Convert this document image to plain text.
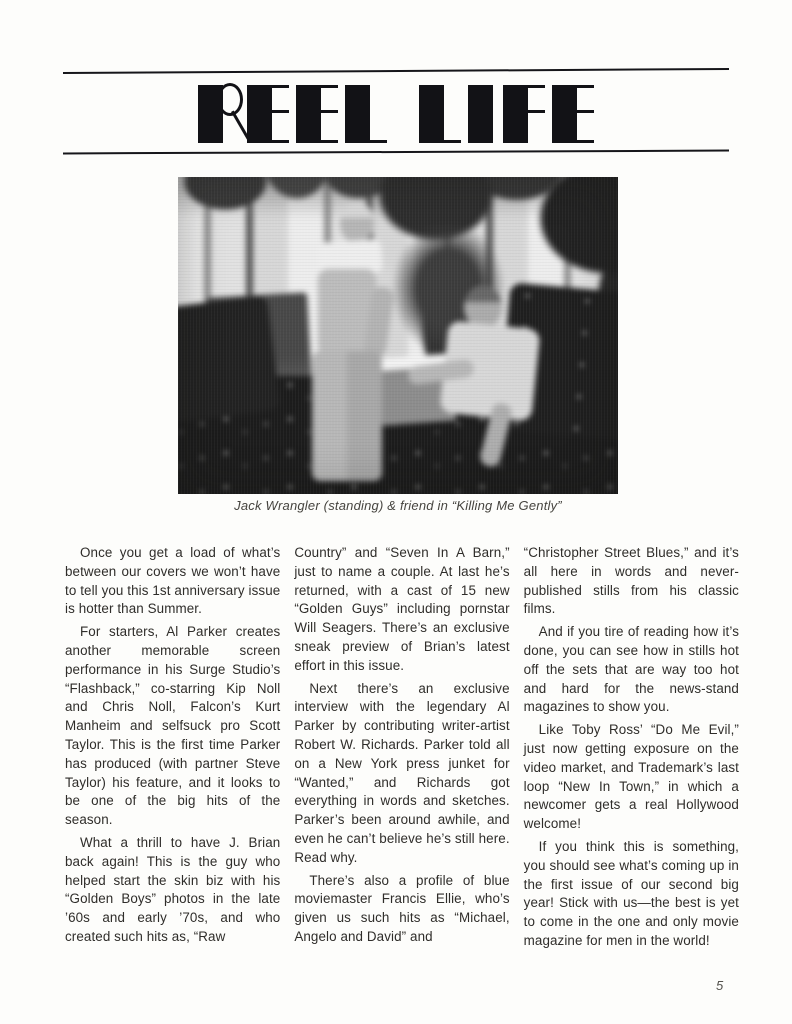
Jack Wrangler (standing) & friend in “Killing Me Gently”

Once you get a load of what’s between our covers we won’t have to tell you this 1st anniversary issue is hotter than Summer.

For starters, Al Parker creates another memorable screen performance in his Surge Studio’s “Flashback,” co-starring Kip Noll and Chris Noll, Falcon’s Kurt Manheim and selfsuck pro Scott Taylor. This is the first time Parker has produced (with partner Steve Taylor) his feature, and it looks to be one of the big hits of the season.

What a thrill to have J. Brian back again! This is the guy who helped start the skin biz with his “Golden Boys” photos in the late ’60s and early ’70s, and who created such hits as, “Raw

Country” and “Seven In A Barn,” just to name a couple. At last he’s returned, with a cast of 15 new “Golden Guys” including pornstar Will Seagers. There’s an exclusive sneak preview of Brian’s latest effort in this issue.

Next there’s an exclusive interview with the legendary Al Parker by contributing writer-artist Robert W. Richards. Parker told all on a New York press junket for “Wanted,” and Richards got everything in words and sketches. Parker’s been around awhile, and even he can’t believe he’s still here. Read why.

There’s also a profile of blue moviemaster Francis Ellie, who’s given us such hits as “Michael, Angelo and David” and

“Christopher Street Blues,” and it’s all here in words and never-published stills from his classic films.

And if you tire of reading how it’s done, you can see how in stills hot off the sets that are way too hot and hard for the news-stand magazines to show you.

Like Toby Ross’ “Do Me Evil,” just now getting exposure on the video market, and Trademark’s last loop “New In Town,” in which a newcomer gets a real Hollywood welcome!

If you think this is something, you should see what’s coming up in the first issue of our second big year! Stick with us—the best is yet to come in the one and only movie magazine for men in the world!

5
